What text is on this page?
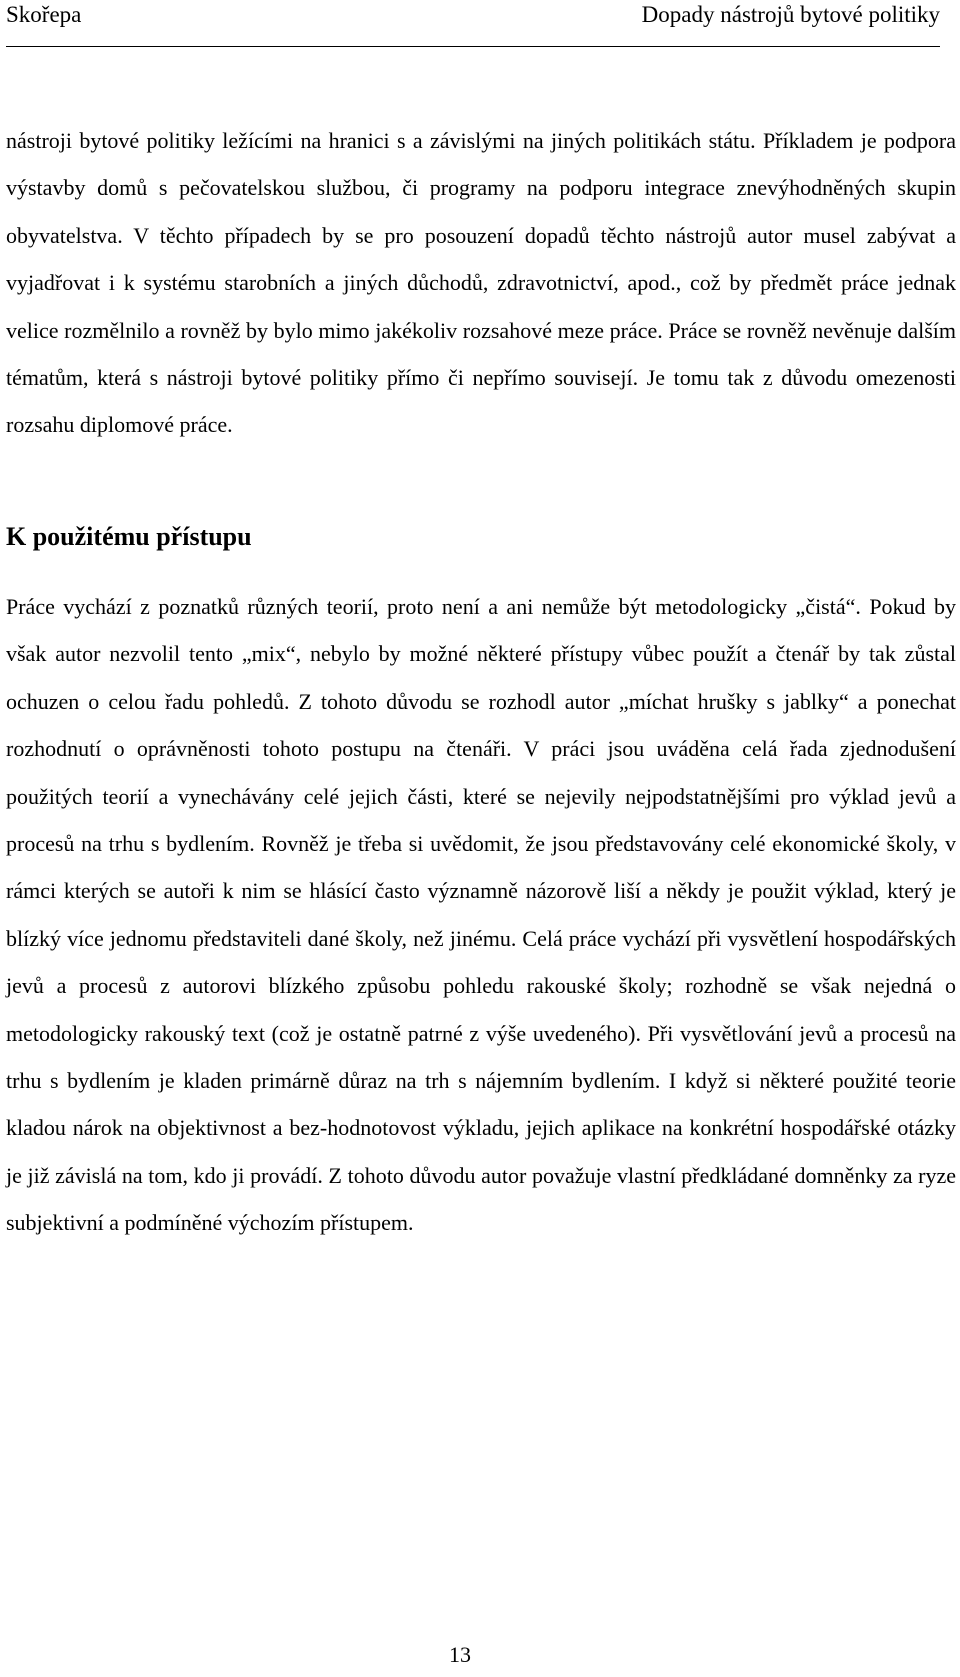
Skořepa	Dopady nástrojů bytové politiky

nástroji bytové politiky ležícími na hranici s a závislými na jiných politikách státu. Příkladem je podpora výstavby domů s pečovatelskou službou, či programy na podporu integrace znevýhodněných skupin obyvatelstva. V těchto případech by se pro posouzení dopadů těchto nástrojů autor musel zabývat a vyjadřovat i k systému starobních a jiných důchodů, zdravotnictví, apod., což by předmět práce jednak velice rozmělnilo a rovněž by bylo mimo jakékoliv rozsahové meze práce. Práce se rovněž nevěnuje dalším tématům, která s nástroji bytové politiky přímo či nepřímo souvisejí. Je tomu tak z důvodu omezenosti rozsahu diplomové práce.

K použitému přístupu

Práce vychází z poznatků různých teorií, proto není a ani nemůže být metodologicky „čistá“. Pokud by však autor nezvolil tento „mix“, nebylo by možné některé přístupy vůbec použít a čtenář by tak zůstal ochuzen o celou řadu pohledů. Z tohoto důvodu se rozhodl autor „míchat hrušky s jablky“ a ponechat rozhodnutí o oprávněnosti tohoto postupu na čtenáři. V práci jsou uváděna celá řada zjednodušení použitých teorií a vynechávány celé jejich části, které se nejevily nejpodstatnějšími pro výklad jevů a procesů na trhu s bydlením. Rovněž je třeba si uvědomit, že jsou představovány celé ekonomické školy, v rámci kterých se autoři k nim se hlásící často významně názorově liší a někdy je použit výklad, který je blízký více jednomu představiteli dané školy, než jinému. Celá práce vychází při vysvětlení hospodářských jevů a procesů z autorovi blízkého způsobu pohledu rakouské školy; rozhodně se však nejedná o metodologicky rakouský text (což je ostatně patrné z výše uvedeného). Při vysvětlování jevů a procesů na trhu s bydlením je kladen primárně důraz na trh s nájemním bydlením. I když si některé použité teorie kladou nárok na objektivnost a bez-hodnotovost výkladu, jejich aplikace na konkrétní hospodářské otázky je již závislá na tom, kdo ji provádí. Z tohoto důvodu autor považuje vlastní předkládané domněnky za ryze subjektivní a podmíněné výchozím přístupem.

13
